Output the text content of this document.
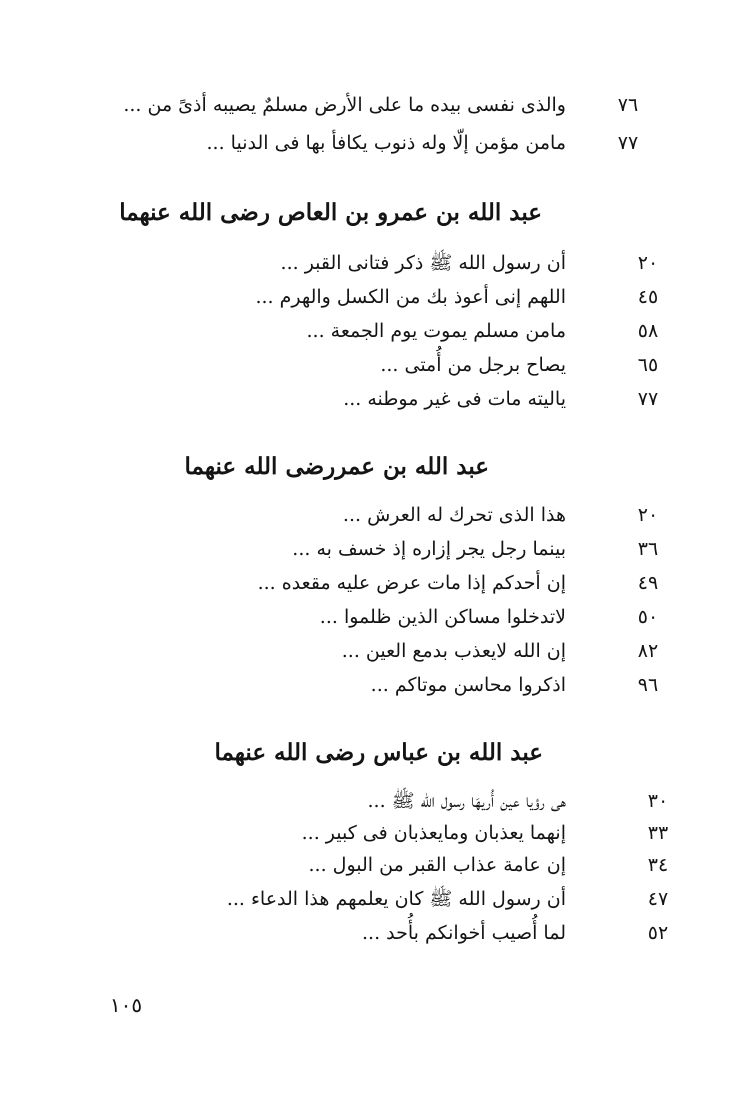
٧٦
والذى نفسى بيده ما على الأرض مسلمٌ يصيبه أذىً من ...
٧٧
مامن مؤمن إلّا وله ذنوب يكافأ بها فى الدنيا ...
عبد الله بن عمرو بن العاص رضى الله عنهما
٢٠
أن رسول الله ﷺ ذكر فتانى القبر ...
٤٥
اللهم إنى أعوذ بك من الكسل والهرم ...
٥٨
مامن مسلم يموت يوم الجمعة ...
٦٥
يصاح برجل من أُمتى ...
٧٧
ياليته مات فى غير موطنه ...
عبد الله بن عمررضى الله عنهما
٢٠
هذا الذى تحرك له العرش ...
٣٦
بينما رجل يجر إزاره إذ خسف به ...
٤٩
إن أحدكم إذا مات عرض عليه مقعده ...
٥٠
لاتدخلوا مساكن الذين ظلموا ...
٨٢
إن الله لايعذب بدمع العين ...
٩٦
اذكروا محاسن موتاكم ...
عبد الله بن عباس رضى الله عنهما
٣٠
هى رؤيا عين أُريهَا رسول الله ﷺ ...
٣٣
إنهما يعذبان ومايعذبان فى كبير ...
٣٤
إن عامة عذاب القبر من البول ...
٤٧
أن رسول الله ﷺ كان يعلمهم هذا الدعاء ...
٥٢
لما أُصيب أخوانكم بأُحد ...
١٠٥
